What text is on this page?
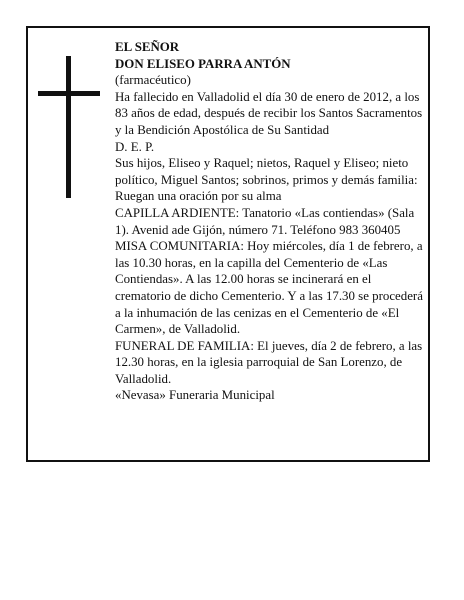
EL SEÑOR

DON ELISEO PARRA ANTÓN

(farmacéutico)

Ha fallecido en Valladolid el día 30 de enero de 2012, a los 83 años de edad, después de recibir los Santos Sacramentos y la Bendición Apostólica de Su Santidad

D. E. P.

Sus hijos, Eliseo y Raquel; nietos, Raquel y Eliseo; nieto político, Miguel Santos; sobrinos, primos y demás familia:

Ruegan una oración por su alma

CAPILLA ARDIENTE: Tanatorio «Las contiendas» (Sala 1). Avenid ade Gijón, número 71. Teléfono 983 360405

MISA COMUNITARIA: Hoy miércoles, día 1 de febrero, a las 10.30 horas, en la capilla del Cementerio de «Las Contiendas». A las 12.00 horas se incinerará en el crematorio de dicho Cementerio. Y a las 17.30 se procederá a la inhumación de las cenizas en el Cementerio de «El Carmen», de Valladolid.

FUNERAL DE FAMILIA: El jueves, día 2 de febrero, a las 12.30 horas, en la iglesia parroquial de San Lorenzo, de Valladolid.

«Nevasa» Funeraria Municipal
